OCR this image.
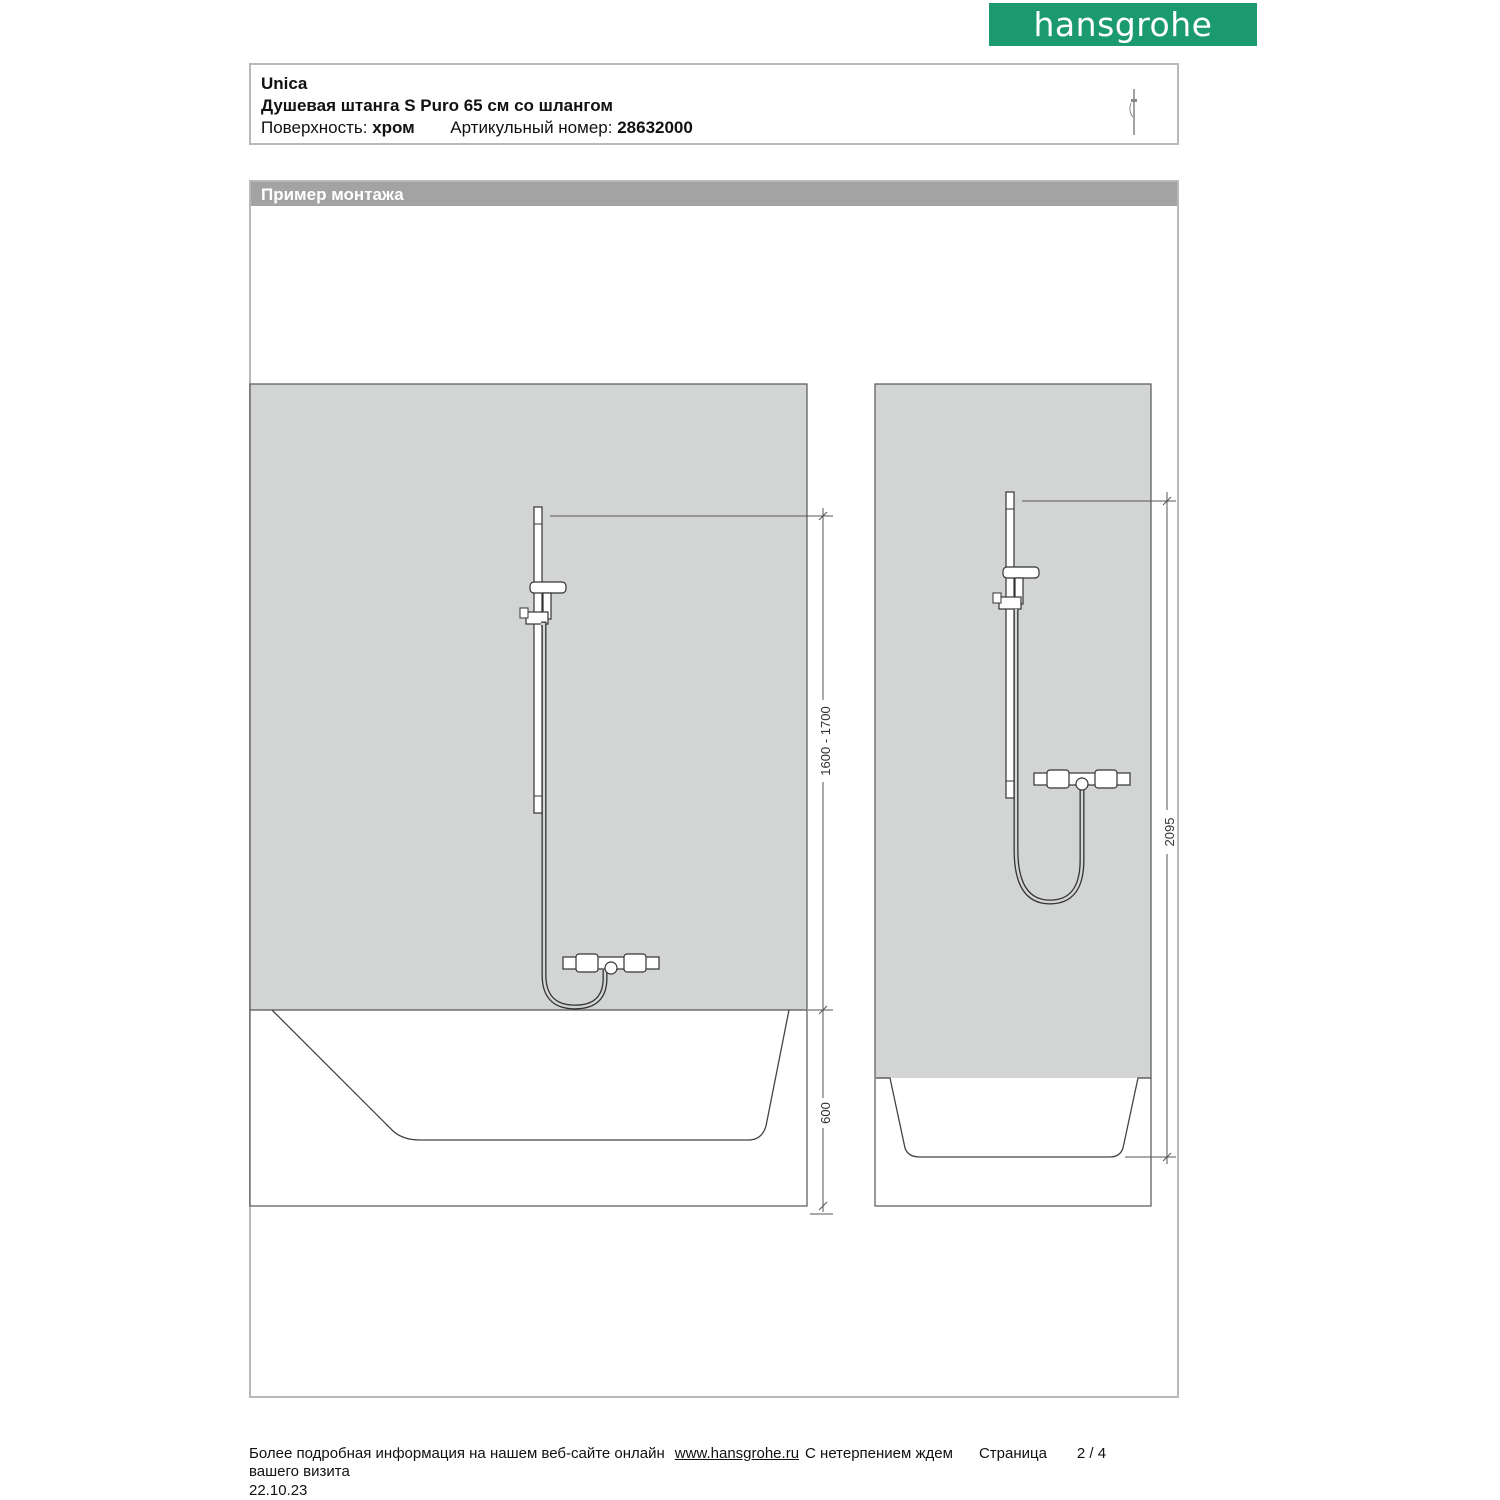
hansgrohe
Unica
Душевая штанга S Puro 65 см со шлангом
Поверхность: хром Артикульный номер: 28632000
Пример монтажа
1600 - 1700
600
2095
Более подробная информация на нашем веб-сайте онлайн www.hansgrohe.ru С нетерпением ждем Страница 2 / 4
вашего визита
22.10.23
